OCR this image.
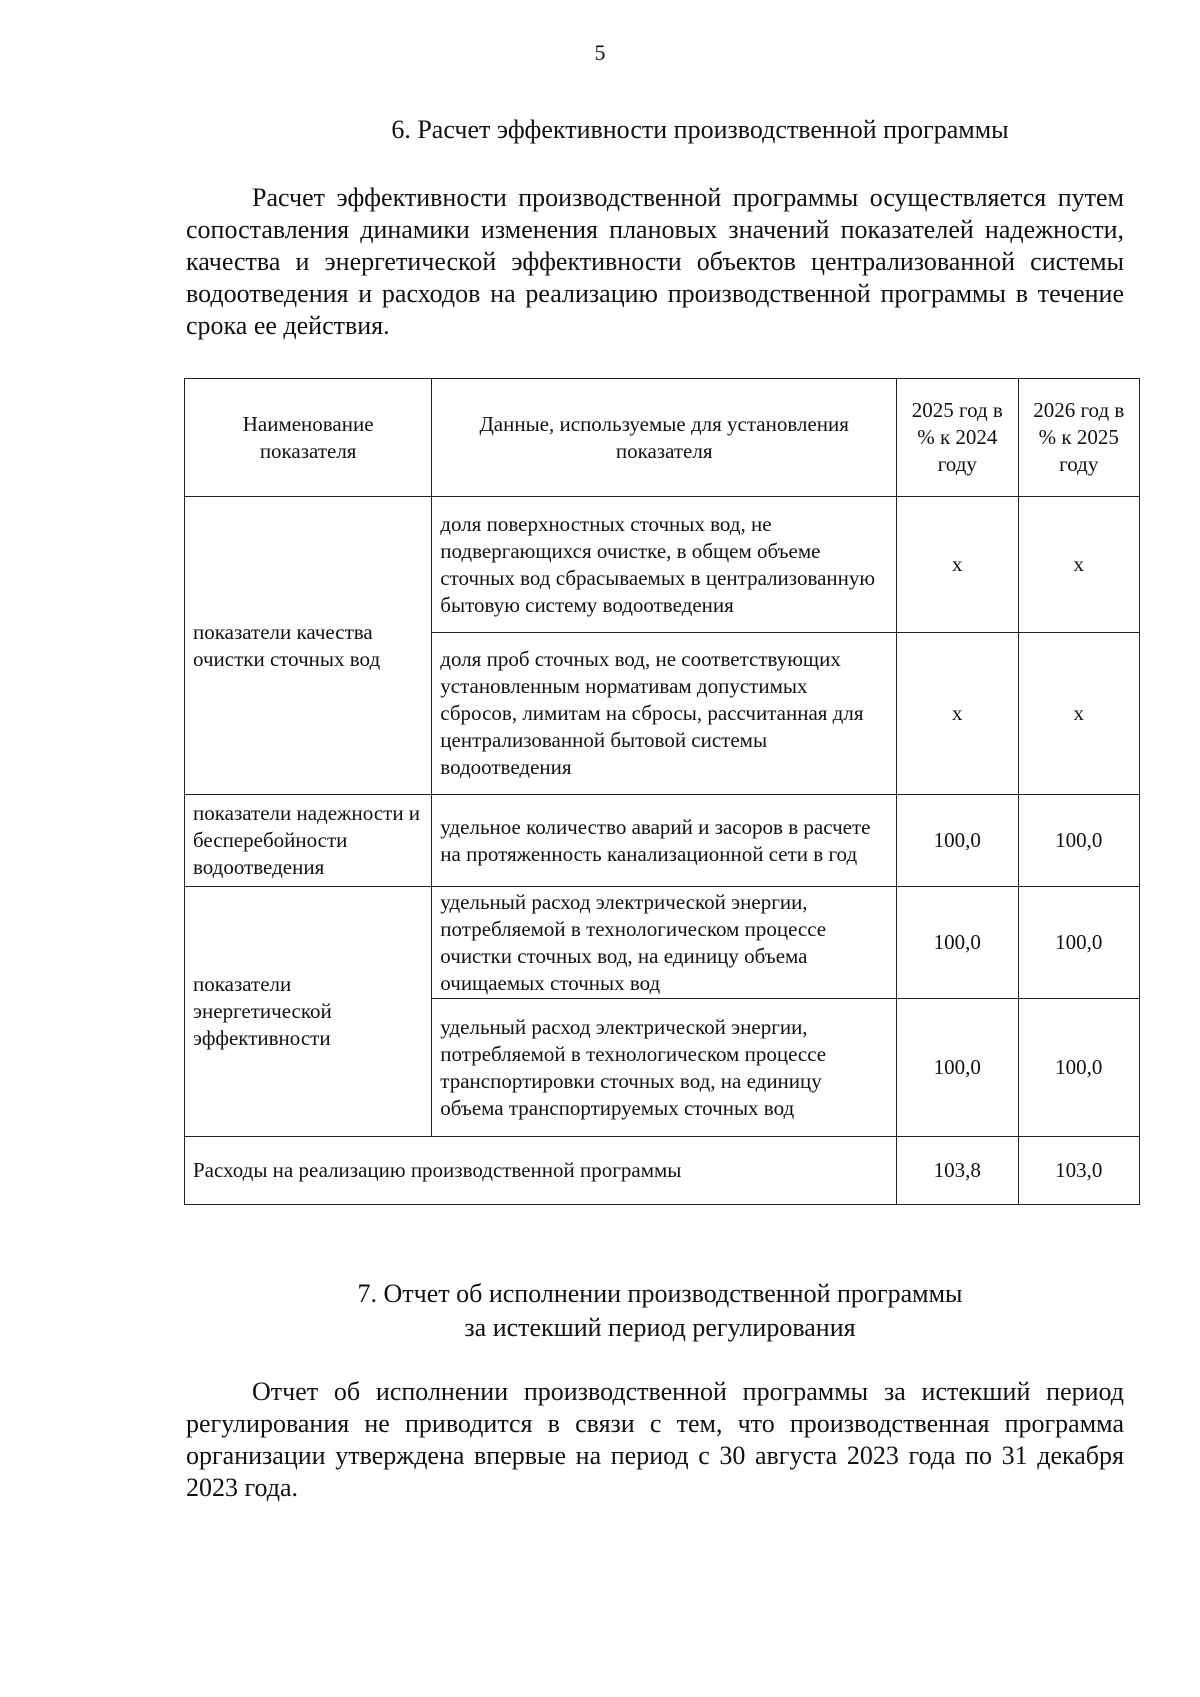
5
6. Расчет эффективности производственной программы
Расчет эффективности производственной программы осуществляется путем сопоставления динамики изменения плановых значений показателей надежности, качества и энергетической эффективности объектов централизованной системы водоотведения и расходов на реализацию производственной программы в течение срока ее действия.
Наименование показателя	Данные, используемые для установления показателя	2025 год в % к 2024 году	2026 год в % к 2025 году
показатели качества очистки сточных вод	доля поверхностных сточных вод, не подвергающихся очистке, в общем объеме сточных вод сбрасываемых в централизованную бытовую систему водоотведения	x	x
	доля проб сточных вод, не соответствующих установленным нормативам допустимых сбросов, лимитам на сбросы, рассчитанная для централизованной бытовой системы водоотведения	x	x
показатели надежности и бесперебойности водоотведения	удельное количество аварий и засоров в расчете на протяженность канализационной сети в год	100,0	100,0
показатели энергетической эффективности	удельный расход электрической энергии, потребляемой в технологическом процессе очистки сточных вод, на единицу объема очищаемых сточных вод	100,0	100,0
	удельный расход электрической энергии, потребляемой в технологическом процессе транспортировки сточных вод, на единицу объема транспортируемых сточных вод	100,0	100,0
Расходы на реализацию производственной программы		103,8	103,0
7. Отчет об исполнении производственной программы
за истекший период регулирования
Отчет об исполнении производственной программы за истекший период регулирования не приводится в связи с тем, что производственная программа организации утверждена впервые на период с 30 августа 2023 года по 31 декабря 2023 года.
